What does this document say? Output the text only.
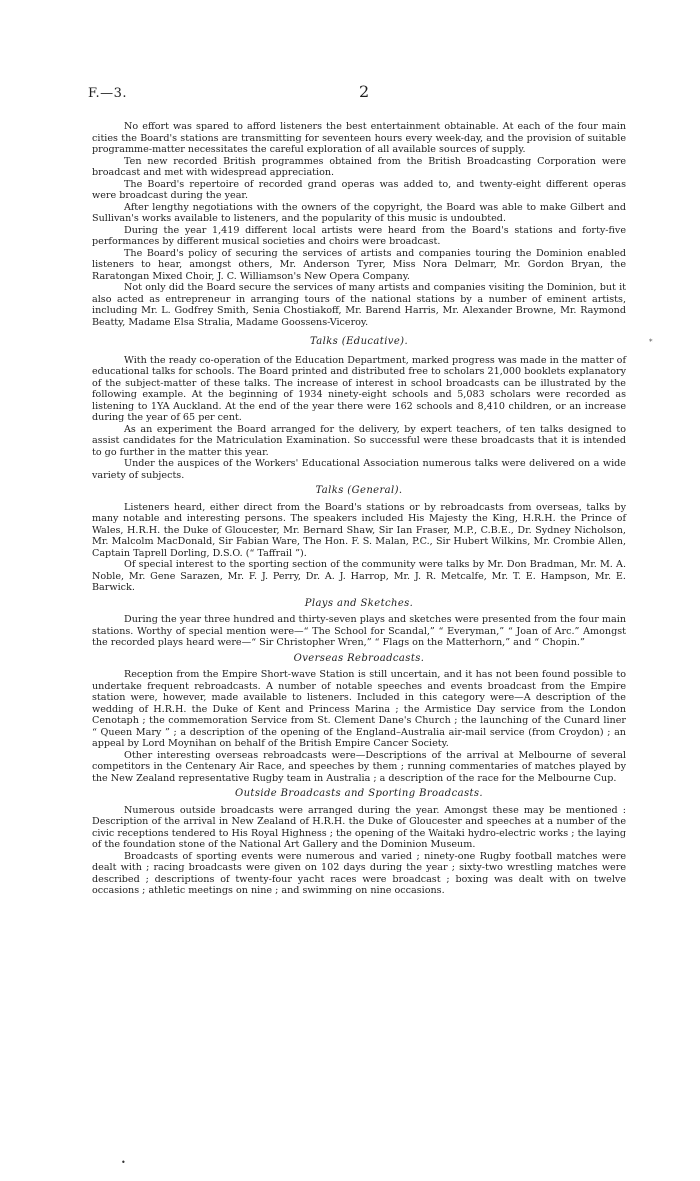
F.—3.	2
*

No effort was spared to afford listeners the best entertainment obtainable. At each of the four main cities the Board's stations are transmitting for seventeen hours every week-day, and the provision of suitable programme-matter necessitates the careful exploration of all available sources of supply.

Ten new recorded British programmes obtained from the British Broadcasting Corporation were broadcast and met with widespread appreciation.

The Board's repertoire of recorded grand operas was added to, and twenty-eight different operas were broadcast during the year.

After lengthy negotiations with the owners of the copyright, the Board was able to make Gilbert and Sullivan's works available to listeners, and the popularity of this music is undoubted.

During the year 1,419 different local artists were heard from the Board's stations and forty-five performances by different musical societies and choirs were broadcast.

The Board's policy of securing the services of artists and companies touring the Dominion enabled listeners to hear, amongst others, Mr. Anderson Tyrer, Miss Nora Delmarr, Mr. Gordon Bryan, the Raratongan Mixed Choir, J. C. Williamson's New Opera Company.

Not only did the Board secure the services of many artists and companies visiting the Dominion, but it also acted as entrepreneur in arranging tours of the national stations by a number of eminent artists, including Mr. L. Godfrey Smith, Senia Chostiakoff, Mr. Barend Harris, Mr. Alexander Browne, Mr. Raymond Beatty, Madame Elsa Stralia, Madame Goossens-Viceroy.

Talks (Educative).

With the ready co-operation of the Education Department, marked progress was made in the matter of educational talks for schools. The Board printed and distributed free to scholars 21,000 booklets explanatory of the subject-matter of these talks. The increase of interest in school broadcasts can be illustrated by the following example. At the beginning of 1934 ninety-eight schools and 5,083 scholars were recorded as listening to 1YA Auckland. At the end of the year there were 162 schools and 8,410 children, or an increase during the year of 65 per cent.

As an experiment the Board arranged for the delivery, by expert teachers, of ten talks designed to assist candidates for the Matriculation Examination. So successful were these broadcasts that it is intended to go further in the matter this year.

Under the auspices of the Workers' Educational Association numerous talks were delivered on a wide variety of subjects.

Talks (General).

Listeners heard, either direct from the Board's stations or by rebroadcasts from overseas, talks by many notable and interesting persons. The speakers included His Majesty the King, H.R.H. the Prince of Wales, H.R.H. the Duke of Gloucester, Mr. Bernard Shaw, Sir Ian Fraser, M.P., C.B.E., Dr. Sydney Nicholson, Mr. Malcolm MacDonald, Sir Fabian Ware, The Hon. F. S. Malan, P.C., Sir Hubert Wilkins, Mr. Crombie Allen, Captain Taprell Dorling, D.S.O. (“ Taffrail ”).

Of special interest to the sporting section of the community were talks by Mr. Don Bradman, Mr. M. A. Noble, Mr. Gene Sarazen, Mr. F. J. Perry, Dr. A. J. Harrop, Mr. J. R. Metcalfe, Mr. T. E. Hampson, Mr. E. Barwick.

Plays and Sketches.

During the year three hundred and thirty-seven plays and sketches were presented from the four main stations. Worthy of special mention were—“ The School for Scandal,” “ Everyman,” “ Joan of Arc.” Amongst the recorded plays heard were—“ Sir Christopher Wren,” “ Flags on the Matterhorn,” and “ Chopin.”

Overseas Rebroadcasts.

Reception from the Empire Short-wave Station is still uncertain, and it has not been found possible to undertake frequent rebroadcasts. A number of notable speeches and events broadcast from the Empire station were, however, made available to listeners. Included in this category were—A description of the wedding of H.R.H. the Duke of Kent and Princess Marina ; the Armistice Day service from the London Cenotaph ; the commemoration Service from St. Clement Dane's Church ; the launching of the Cunard liner “ Queen Mary ” ; a description of the opening of the England–Australia air-mail service (from Croydon) ; an appeal by Lord Moynihan on behalf of the British Empire Cancer Society.

Other interesting overseas rebroadcasts were—Descriptions of the arrival at Melbourne of several competitors in the Centenary Air Race, and speeches by them ; running commentaries of matches played by the New Zealand representative Rugby team in Australia ; a description of the race for the Melbourne Cup.

Outside Broadcasts and Sporting Broadcasts.

Numerous outside broadcasts were arranged during the year. Amongst these may be mentioned : Description of the arrival in New Zealand of H.R.H. the Duke of Gloucester and speeches at a number of the civic receptions tendered to His Royal Highness ; the opening of the Waitaki hydro-electric works ; the laying of the foundation stone of the National Art Gallery and the Dominion Museum.

Broadcasts of sporting events were numerous and varied ; ninety-one Rugby football matches were dealt with ; racing broadcasts were given on 102 days during the year ; sixty-two wrestling matches were described ; descriptions of twenty-four yacht races were broadcast ; boxing was dealt with on twelve occasions ; athletic meetings on nine ; and swimming on nine occasions.

•
